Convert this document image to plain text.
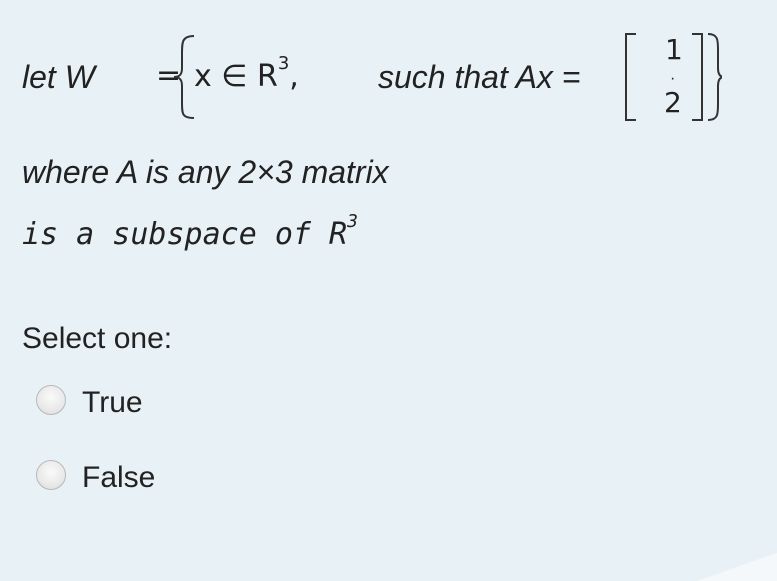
let W = x ∈ $R^3$, such that Ax =
1
·
2
where A is any 2×3 matrix
is a subspace of $R^3$
Select one:
True
False
